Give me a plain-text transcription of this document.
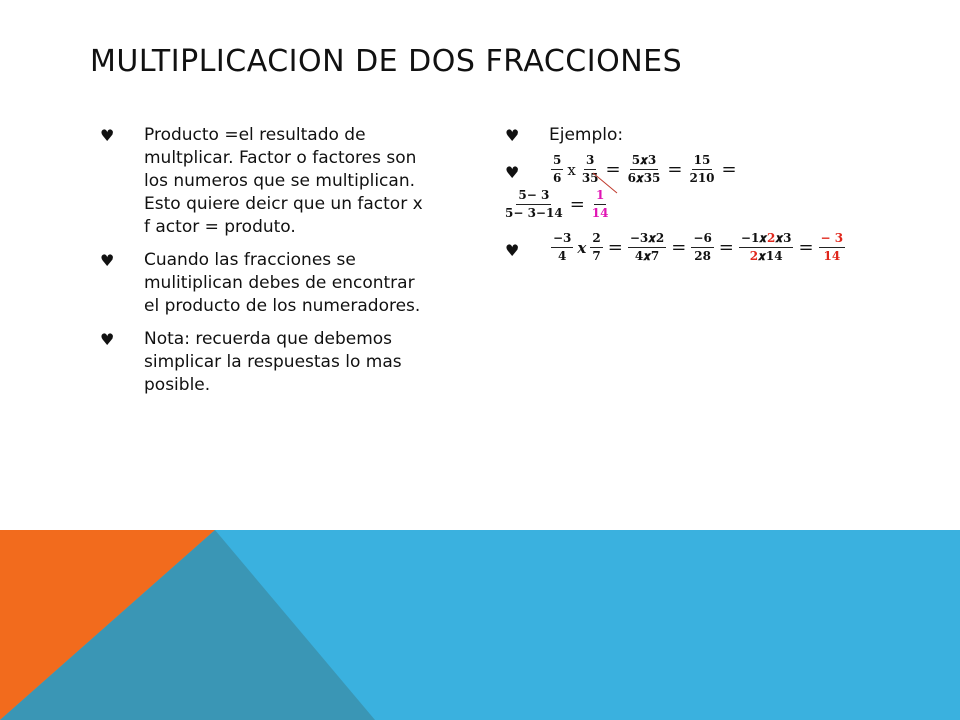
MULTIPLICACION DE DOS FRACCIONES
♥	Producto =el resultado de multplicar. Factor o factores son los numeros que se multiplican. Esto quiere deicr que un factor x f actor = produto.
♥	Cuando las fracciones se mulitiplican debes de encontrar el producto de los numeradores.
♥	Nota: recuerda que debemos simplicar la respuestas lo mas posible.
♥	Ejemplo:
♥	$\frac{5}{6}$ x $\frac{3}{35} = \frac{\text{5𝒙3}}{\text{6𝒙35}} = \frac{15}{210}$ =
$\frac{5- 3}{5- 3-14} = \frac{1}{14}$
♥	$\frac{-3}{4}$ 𝒙 $\frac{2}{7} = \frac{\text{−3𝒙2}}{\text{4𝒙7}} = \frac{-6}{28} = \frac{\text{−1𝒙2𝒙3}}{\text{2𝒙14}} = \frac{- 3}{14}$
